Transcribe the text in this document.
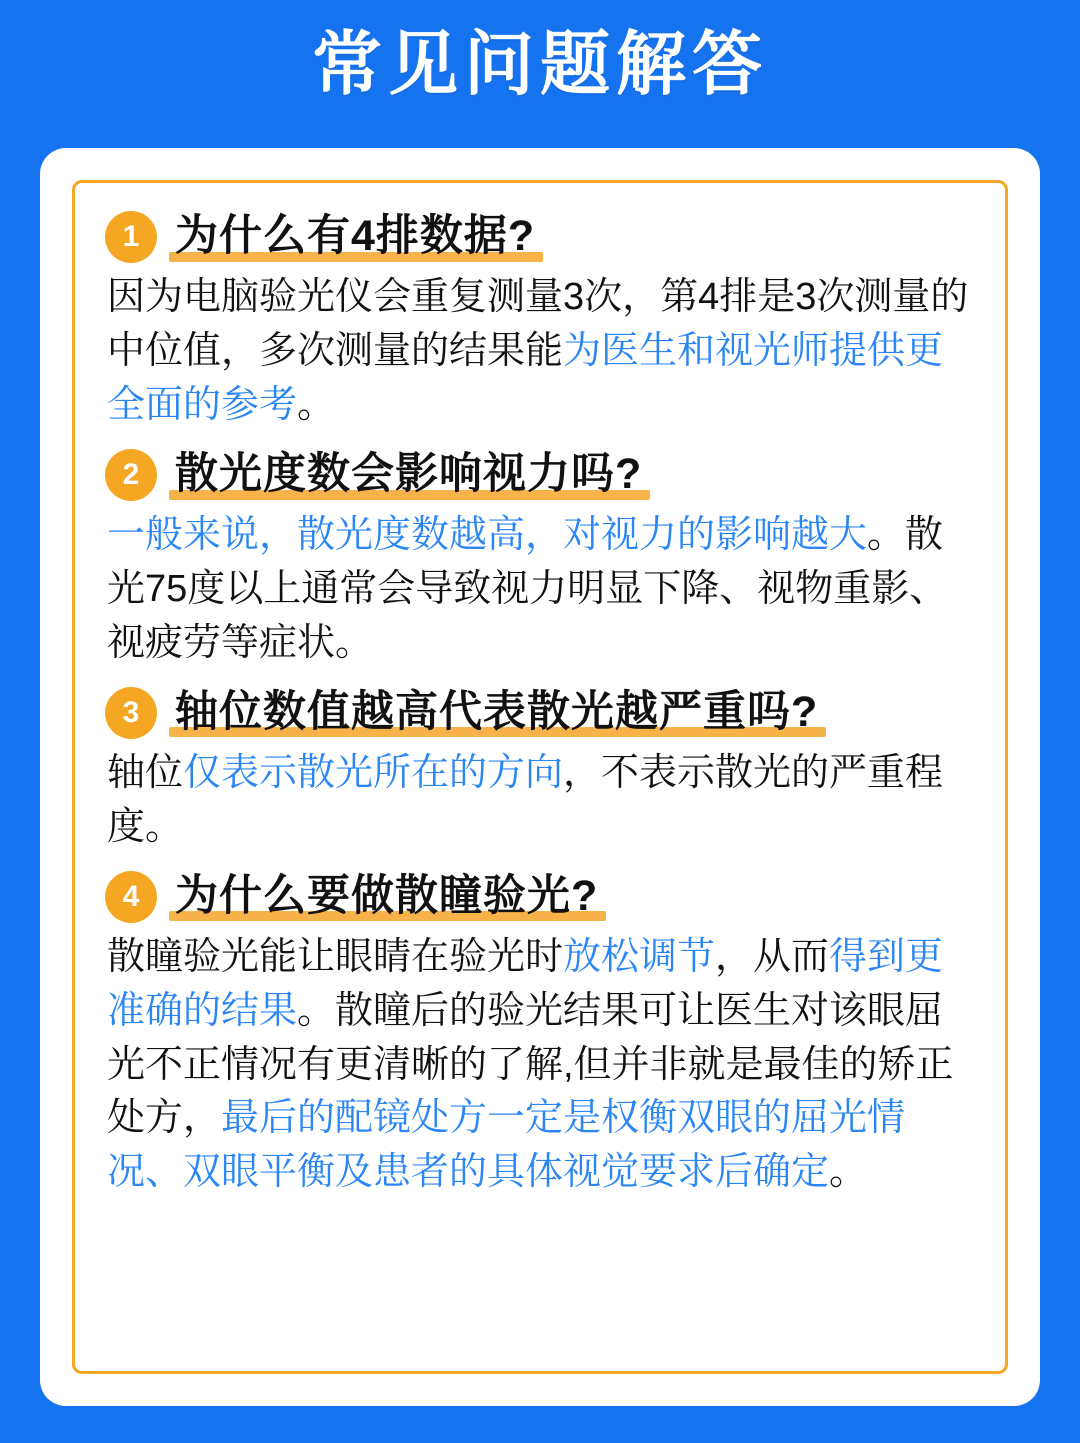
常见问题解答
1 为什么有4排数据?

因为电脑验光仪会重复测量3次，第4排是3次测量的中位值，多次测量的结果能为医生和视光师提供更全面的参考。

2 散光度数会影响视力吗?

一般来说，散光度数越高，对视力的影响越大。散光75度以上通常会导致视力明显下降、视物重影、视疲劳等症状。

3 轴位数值越高代表散光越严重吗?

轴位仅表示散光所在的方向，不表示散光的严重程度。

4 为什么要做散瞳验光?

散瞳验光能让眼睛在验光时放松调节，从而得到更准确的结果。散瞳后的验光结果可让医生对该眼屈光不正情况有更清晰的了解,但并非就是最佳的矫正处方，最后的配镜处方一定是权衡双眼的屈光情况、双眼平衡及患者的具体视觉要求后确定。
